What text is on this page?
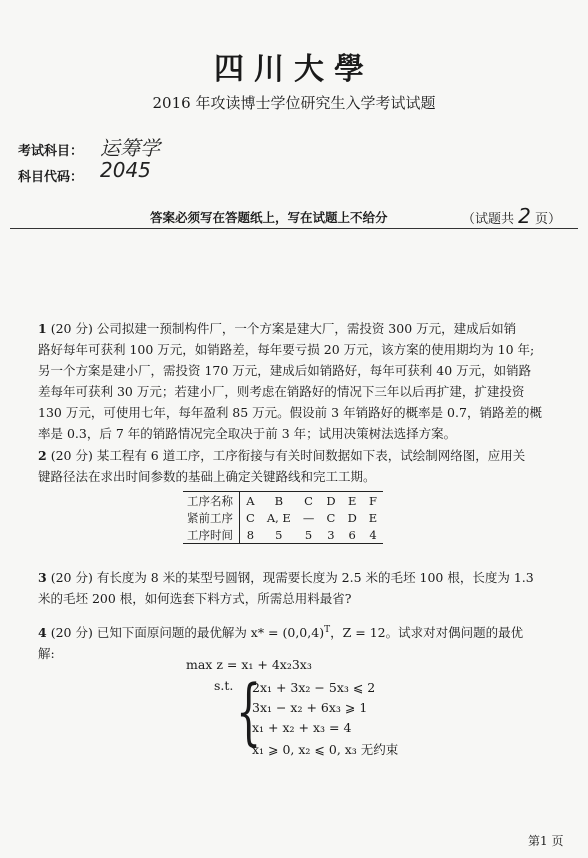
四川大學
2016 年攻读博士学位研究生入学考试试题
考试科目： 运筹学
科目代码： 2045
答案必须写在答题纸上，写在试题上不给分	（试题共 2 页）
1 (20 分) 公司拟建一预制构件厂，一个方案是建大厂，需投资 300 万元，建成后如销
路好每年可获利 100 万元，如销路差，每年要亏损 20 万元，该方案的使用期均为 10 年;
另一个方案是建小厂，需投资 170 万元，建成后如销路好，每年可获利 40 万元，如销路
差每年可获利 30 万元；若建小厂，则考虑在销路好的情况下三年以后再扩建，扩建投资
130 万元，可使用七年，每年盈利 85 万元。假设前 3 年销路好的概率是 0.7，销路差的概
率是 0.3，后 7 年的销路情况完全取决于前 3 年；试用决策树法选择方案。
2 (20 分) 某工程有 6 道工序，工序衔接与有关时间数据如下表，试绘制网络图，应用关
键路径法在求出时间参数的基础上确定关键路线和完工工期。
工序名称	A	B	C	D	E	F
紧前工序	C	A, E	—	C	D	E
工序时间	8	5	5	3	6	4
3 (20 分) 有长度为 8 米的某型号圆钢，现需要长度为 2.5 米的毛坯 100 根，长度为 1.3
米的毛坯 200 根，如何选套下料方式，所需总用料最省?
4 (20 分) 已知下面原问题的最优解为 $x* = (0,0,4)^T$，Z = 12。试求对对偶问题的最优
解:
max z = x₁ + 4x₂3x₃
s.t. {
2x₁ + 3x₂ − 5x₃ ⩽ 2
3x₁ − x₂ + 6x₃ ⩾ 1
x₁ + x₂ + x₃ = 4
x₁ ⩾ 0, x₂ ⩽ 0, x₃ 无约束
第1 页
